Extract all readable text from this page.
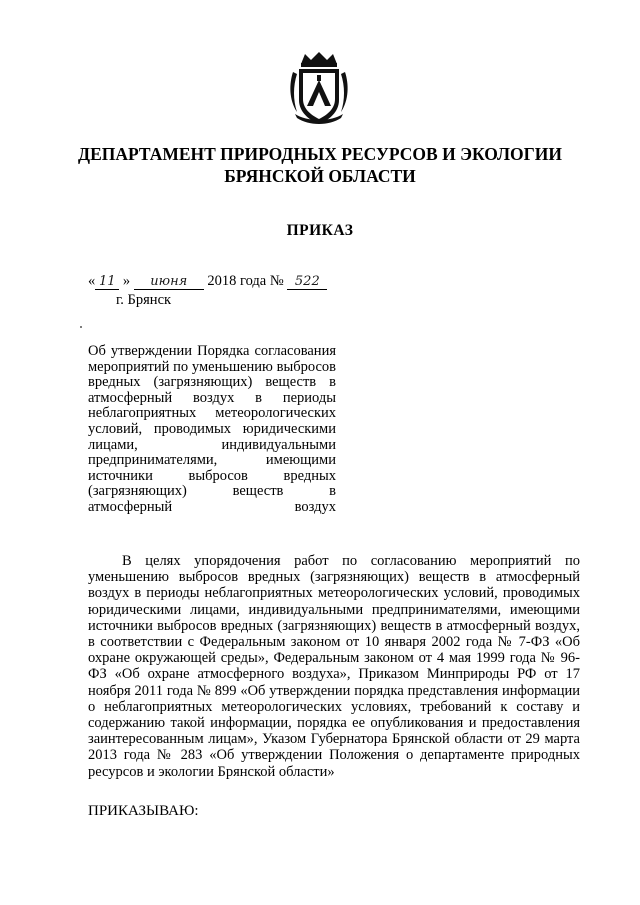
ДЕПАРТАМЕНТ ПРИРОДНЫХ РЕСУРСОВ И ЭКОЛОГИИ
БРЯНСКОЙ ОБЛАСТИ
ПРИКАЗ
« 11 » июня 2018 года № 522
г. Брянск
Об утверждении Порядка согласования мероприятий по уменьшению выбросов вредных (загрязняющих) веществ в атмосферный воздух в периоды неблагоприятных метеорологических условий, проводимых юридическими лицами, индивидуальными предпринимателями, имеющими источники выбросов вредных (загрязняющих) веществ в атмосферный воздух
В целях упорядочения работ по согласованию мероприятий по уменьшению выбросов вредных (загрязняющих) веществ в атмосферный воздух в периоды неблагоприятных метеорологических условий, проводимых юридическими лицами, индивидуальными предпринимателями, имеющими источники выбросов вредных (загрязняющих) веществ в атмосферный воздух, в соответствии с Федеральным законом от 10 января 2002 года № 7-ФЗ «Об охране окружающей среды», Федеральным законом от 4 мая 1999 года № 96-ФЗ «Об охране атмосферного воздуха», Приказом Минприроды РФ от 17 ноября 2011 года № 899 «Об утверждении порядка представления информации о неблагоприятных метеорологических условиях, требований к составу и содержанию такой информации, порядка ее опубликования и предоставления заинтересованным лицам», Указом Губернатора Брянской области от 29 марта 2013 года № 283 «Об утверждении Положения о департаменте природных ресурсов и экологии Брянской области»
ПРИКАЗЫВАЮ:
